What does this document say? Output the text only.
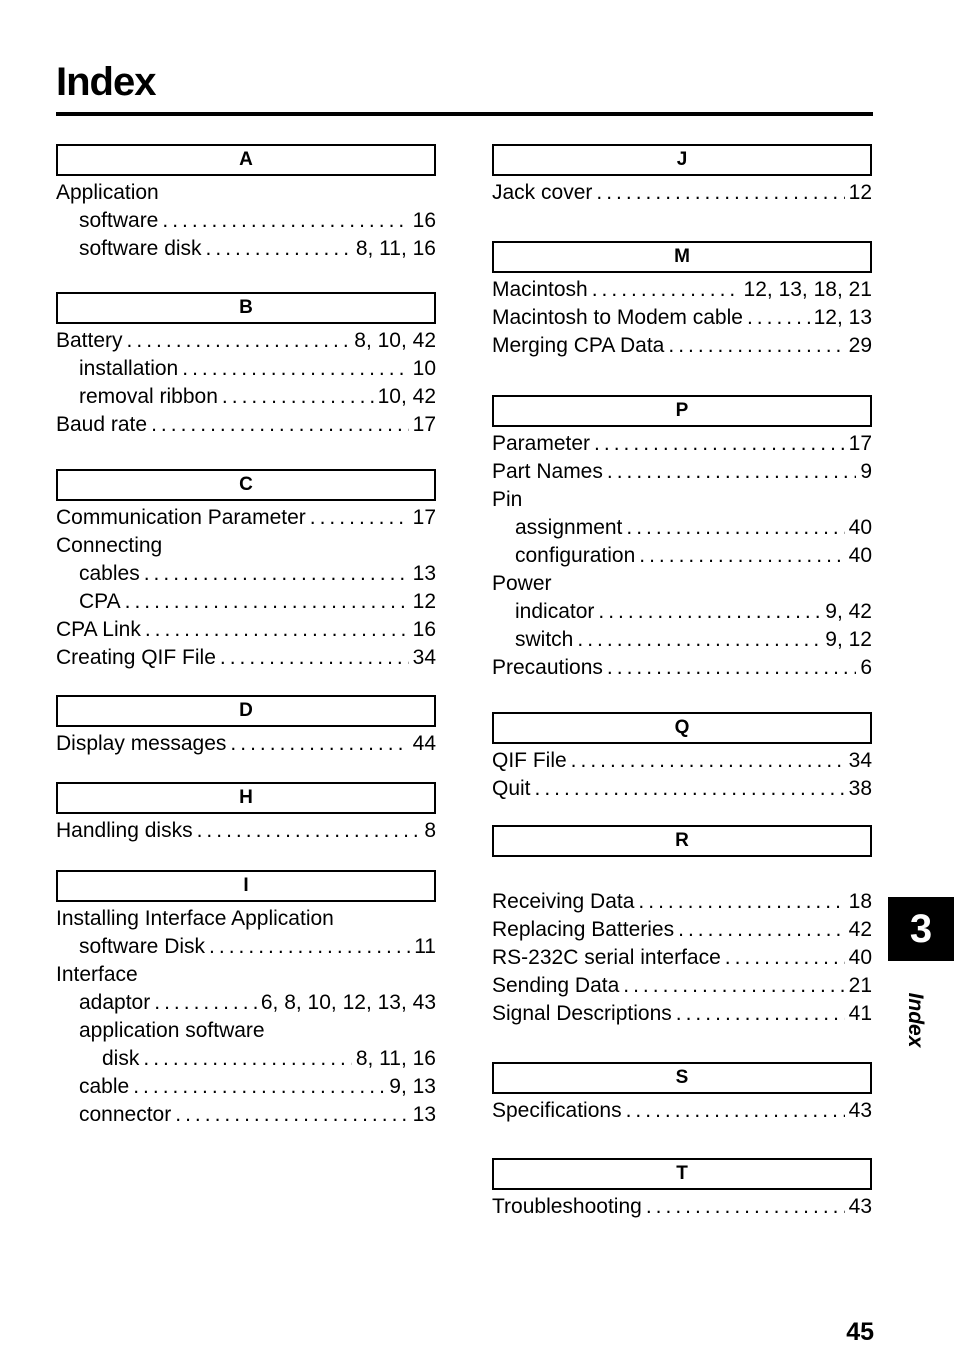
Index
A
Application
software .....	16
software disk .....	8, 11, 16
B
Battery .....	8, 10, 42
installation .....	10
removal ribbon .....	10, 42
Baud rate .....	17
C
Communication Parameter .....	17
Connecting
cables .....	13
CPA .....	12
CPA Link .....	16
Creating QIF File .....	34
D
Display messages .....	44
H
Handling disks .....	8
I
Installing Interface Application
software Disk .....	11
Interface
adaptor .....	6, 8, 10, 12, 13, 43
application software
disk .....	8, 11, 16
cable .....	9, 13
connector .....	13
J
Jack cover .....	12
M
Macintosh .....	12, 13, 18, 21
Macintosh to Modem cable .....	12, 13
Merging CPA Data .....	29
P
Parameter .....	17
Part Names .....	9
Pin
assignment .....	40
configuration .....	40
Power
indicator .....	9, 42
switch .....	9, 12
Precautions .....	6
Q
QIF File .....	34
Quit .....	38
R
Receiving Data .....	18
Replacing Batteries .....	42
RS-232C serial interface .....	40
Sending Data .....	21
Signal Descriptions .....	41
S
Specifications .....	43
T
Troubleshooting .....	43
3
Index
45
